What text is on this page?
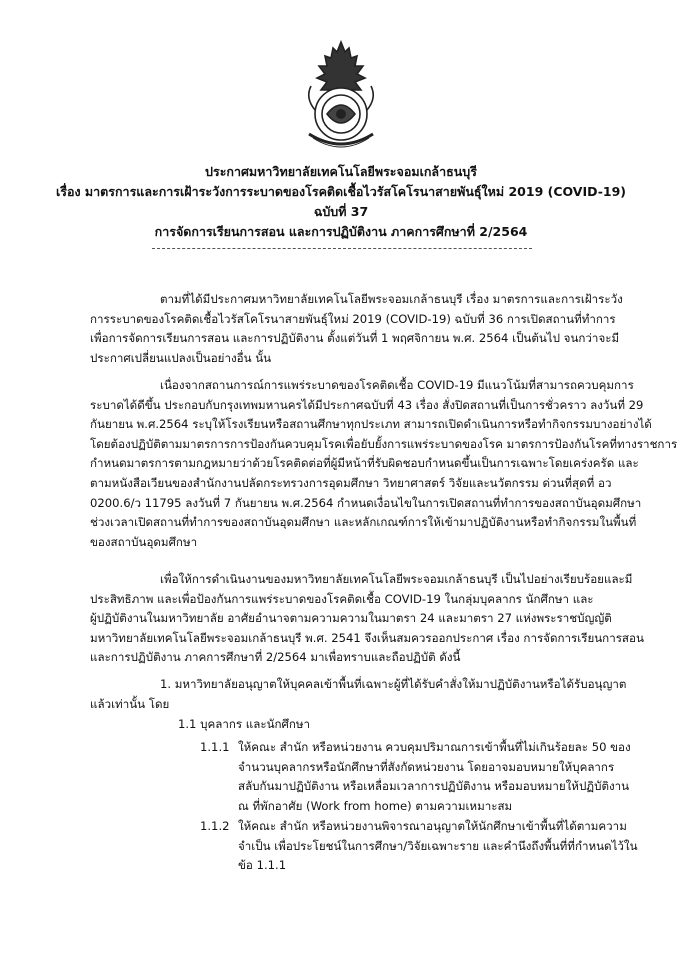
ประกาศมหาวิทยาลัยเทคโนโลยีพระจอมเกล้าธนบุรี
เรื่อง มาตรการและการเฝ้าระวังการระบาดของโรคติดเชื้อไวรัสโคโรนาสายพันธุ์ใหม่ 2019 (COVID-19)
ฉบับที่ 37
การจัดการเรียนการสอน และการปฏิบัติงาน ภาคการศึกษาที่ 2/2564

ตามที่ได้มีประกาศมหาวิทยาลัยเทคโนโลยีพระจอมเกล้าธนบุรี เรื่อง มาตรการและการเฝ้าระวัง

การระบาดของโรคติดเชื้อไวรัสโคโรนาสายพันธุ์ใหม่ 2019 (COVID-19) ฉบับที่ 36 การเปิดสถานที่ทำการ

เพื่อการจัดการเรียนการสอน และการปฏิบัติงาน ตั้งแต่วันที่ 1 พฤศจิกายน พ.ศ. 2564 เป็นต้นไป จนกว่าจะมี

ประกาศเปลี่ยนแปลงเป็นอย่างอื่น นั้น

เนื่องจากสถานการณ์การแพร่ระบาดของโรคติดเชื้อ COVID-19 มีแนวโน้มที่สามารถควบคุมการ

ระบาดได้ดีขึ้น ประกอบกับกรุงเทพมหานครได้มีประกาศฉบับที่ 43 เรื่อง สั่งปิดสถานที่เป็นการชั่วคราว ลงวันที่ 29

กันยายน พ.ศ.2564 ระบุให้โรงเรียนหรือสถานศึกษาทุกประเภท สามารถเปิดดำเนินการหรือทำกิจกรรมบางอย่างได้

โดยต้องปฏิบัติตามมาตรการการป้องกันควบคุมโรคเพื่อยับยั้งการแพร่ระบาดของโรค มาตรการป้องกันโรคที่ทางราชการ

กำหนดมาตรการตามกฎหมายว่าด้วยโรคติดต่อที่ผู้มีหน้าที่รับผิดชอบกำหนดขึ้นเป็นการเฉพาะโดยเคร่งครัด และ

ตามหนังสือเวียนของสำนักงานปลัดกระทรวงการอุดมศึกษา วิทยาศาสตร์ วิจัยและนวัตกรรม ด่วนที่สุดที่ อว

0200.6/ว 11795 ลงวันที่ 7 กันยายน พ.ศ.2564 กำหนดเงื่อนไขในการเปิดสถานที่ทำการของสถาบันอุดมศึกษา

ช่วงเวลาเปิดสถานที่ทำการของสถาบันอุดมศึกษา และหลักเกณฑ์การให้เข้ามาปฏิบัติงานหรือทำกิจกรรมในพื้นที่

ของสถาบันอุดมศึกษา

เพื่อให้การดำเนินงานของมหาวิทยาลัยเทคโนโลยีพระจอมเกล้าธนบุรี เป็นไปอย่างเรียบร้อยและมี

ประสิทธิภาพ และเพื่อป้องกันการแพร่ระบาดของโรคติดเชื้อ COVID-19 ในกลุ่มบุคลากร นักศึกษา และ

ผู้ปฏิบัติงานในมหาวิทยาลัย อาศัยอำนาจตามความความในมาตรา 24 และมาตรา 27 แห่งพระราชบัญญัติ

มหาวิทยาลัยเทคโนโลยีพระจอมเกล้าธนบุรี พ.ศ. 2541 จึงเห็นสมควรออกประกาศ เรื่อง การจัดการเรียนการสอน

และการปฏิบัติงาน ภาคการศึกษาที่ 2/2564 มาเพื่อทราบและถือปฏิบัติ ดังนี้

1. มหาวิทยาลัยอนุญาตให้บุคคลเข้าพื้นที่เฉพาะผู้ที่ได้รับคำสั่งให้มาปฏิบัติงานหรือได้รับอนุญาต

แล้วเท่านั้น โดย

1.1 บุคลากร และนักศึกษา

1.1.1 ให้คณะ สำนัก หรือหน่วยงาน ควบคุมปริมาณการเข้าพื้นที่ไม่เกินร้อยละ 50 ของ

จำนวนบุคลากรหรือนักศึกษาที่สังกัดหน่วยงาน โดยอาจมอบหมายให้บุคลากร

สลับกันมาปฏิบัติงาน หรือเหลื่อมเวลาการปฏิบัติงาน หรือมอบหมายให้ปฏิบัติงาน

ณ ที่พักอาศัย (Work from home) ตามความเหมาะสม

1.1.2 ให้คณะ สำนัก หรือหน่วยงานพิจารณาอนุญาตให้นักศึกษาเข้าพื้นที่ได้ตามความ

จำเป็น เพื่อประโยชน์ในการศึกษา/วิจัยเฉพาะราย และคำนึงถึงพื้นที่ที่กำหนดไว้ใน

ข้อ 1.1.1
